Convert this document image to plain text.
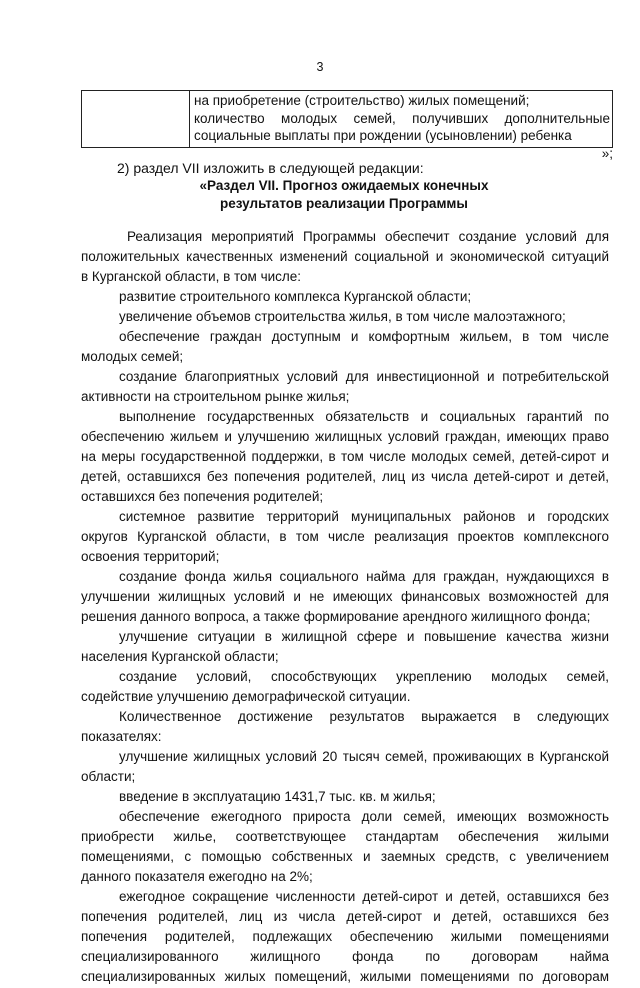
3

на приобретение (строительство) жилых помещений;
количество молодых семей, получивших дополнительные
социальные выплаты при рождении (усыновлении) ребенка
»;
2) раздел VII изложить в следующей редакции:
«Раздел VII. Прогноз ожидаемых конечных
результатов реализации Программы
Реализация мероприятий Программы обеспечит создание условий для
положительных качественных изменений социальной и экономической ситуаций
в Курганской области, в том числе:
развитие строительного комплекса Курганской области;
увеличение объемов строительства жилья, в том числе малоэтажного;
обеспечение граждан доступным и комфортным жильем, в том числе
молодых семей;
создание благоприятных условий для инвестиционной и потребительской
активности на строительном рынке жилья;
выполнение государственных обязательств и социальных гарантий по
обеспечению жильем и улучшению жилищных условий граждан, имеющих право
на меры государственной поддержки, в том числе молодых семей, детей-сирот и
детей, оставшихся без попечения родителей, лиц из числа детей-сирот и детей,
оставшихся без попечения родителей;
системное развитие территорий муниципальных районов и городских
округов Курганской области, в том числе реализация проектов комплексного
освоения территорий;
создание фонда жилья социального найма для граждан, нуждающихся в
улучшении жилищных условий и не имеющих финансовых возможностей для
решения данного вопроса, а также формирование арендного жилищного фонда;
улучшение ситуации в жилищной сфере и повышение качества жизни
населения Курганской области;
создание условий, способствующих укреплению молодых семей,
содействие улучшению демографической ситуации.
Количественное достижение результатов выражается в следующих
показателях:
улучшение жилищных условий 20 тысяч семей, проживающих в Курганской
области;
введение в эксплуатацию 1431,7 тыс. кв. м жилья;
обеспечение ежегодного прироста доли семей, имеющих возможность
приобрести жилье, соответствующее стандартам обеспечения жилыми
помещениями, с помощью собственных и заемных средств, с увеличением
данного показателя ежегодно на 2%;
ежегодное сокращение численности детей-сирот и детей, оставшихся без
попечения родителей, лиц из числа детей-сирот и детей, оставшихся без
попечения родителей, подлежащих обеспечению жилыми помещениями
специализированного жилищного фонда по договорам найма
специализированных жилых помещений, жилыми помещениями по договорам
